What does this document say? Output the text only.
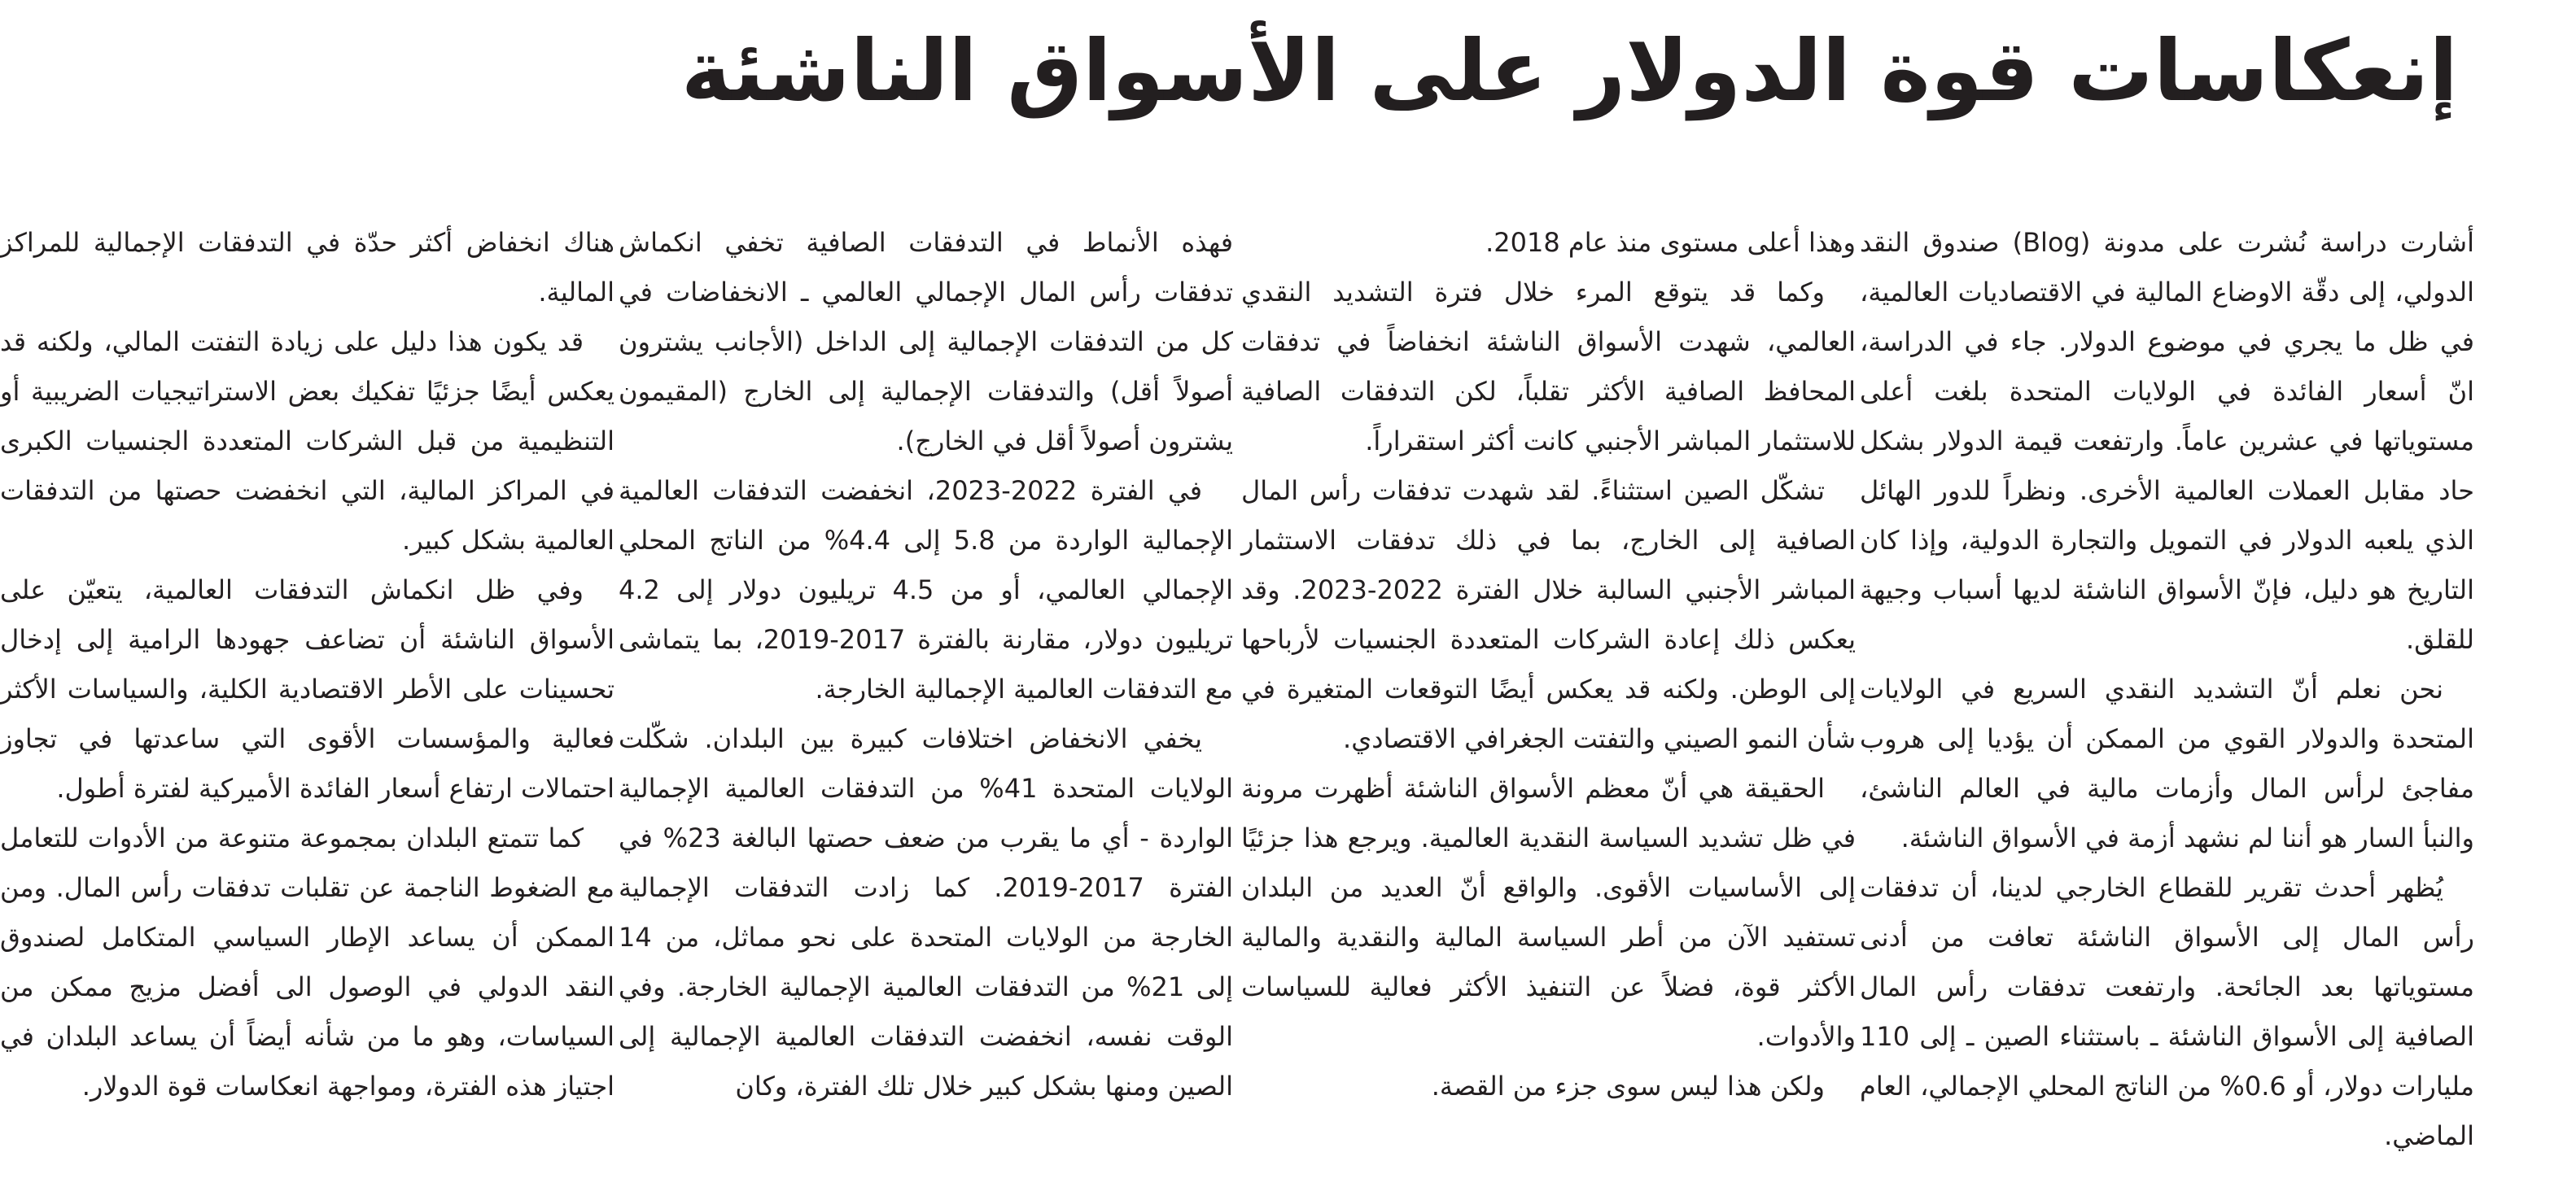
إنعكاسات قوة الدولار على الأسواق الناشئة

أشارت دراسة نُشرت على مدونة (Blog) صندوق النقد الدولي، إلى دقّة الاوضاع المالية في الاقتصاديات العالمية، في ظل ما يجري في موضوع الدولار. جاء في الدراسة، انّ أسعار الفائدة في الولايات المتحدة بلغت أعلى مستوياتها في عشرين عاماً. وارتفعت قيمة الدولار بشكل حاد مقابل العملات العالمية الأخرى. ونظراً للدور الهائل الذي يلعبه الدولار في التمويل والتجارة الدولية، وإذا كان التاريخ هو دليل، فإنّ الأسواق الناشئة لديها أسباب وجيهة للقلق.

نحن نعلم أنّ التشديد النقدي السريع في الولايات المتحدة والدولار القوي من الممكن أن يؤديا إلى هروب مفاجئ لرأس المال وأزمات مالية في العالم الناشئ، والنبأ السار هو أننا لم نشهد أزمة في الأسواق الناشئة.

يُظهر أحدث تقرير للقطاع الخارجي لدينا، أن تدفقات رأس المال إلى الأسواق الناشئة تعافت من أدنى مستوياتها بعد الجائحة. وارتفعت تدفقات رأس المال الصافية إلى الأسواق الناشئة ـ باستثناء الصين ـ إلى 110 مليارات دولار، أو 0.6% من الناتج المحلي الإجمالي، العام الماضي.

وهذا أعلى مستوى منذ عام 2018.

وكما قد يتوقع المرء خلال فترة التشديد النقدي العالمي، شهدت الأسواق الناشئة انخفاضاً في تدفقات المحافظ الصافية الأكثر تقلباً، لكن التدفقات الصافية للاستثمار المباشر الأجنبي كانت أكثر استقراراً.

تشكّل الصين استثناءً. لقد شهدت تدفقات رأس المال الصافية إلى الخارج، بما في ذلك تدفقات الاستثمار المباشر الأجنبي السالبة خلال الفترة 2022-2023. وقد يعكس ذلك إعادة الشركات المتعددة الجنسيات لأرباحها إلى الوطن. ولكنه قد يعكس أيضًا التوقعات المتغيرة في شأن النمو الصيني والتفتت الجغرافي الاقتصادي.

الحقيقة هي أنّ معظم الأسواق الناشئة أظهرت مرونة في ظل تشديد السياسة النقدية العالمية. ويرجع هذا جزئيًا إلى الأساسيات الأقوى. والواقع أنّ العديد من البلدان تستفيد الآن من أطر السياسة المالية والنقدية والمالية الأكثر قوة، فضلاً عن التنفيذ الأكثر فعالية للسياسات والأدوات.

ولكن هذا ليس سوى جزء من القصة.

فهذه الأنماط في التدفقات الصافية تخفي انكماش تدفقات رأس المال الإجمالي العالمي ـ الانخفاضات في كل من التدفقات الإجمالية إلى الداخل (الأجانب يشترون أصولاً أقل) والتدفقات الإجمالية إلى الخارج (المقيمون يشترون أصولاً أقل في الخارج).

في الفترة 2022-2023، انخفضت التدفقات العالمية الإجمالية الواردة من 5.8 إلى 4.4% من الناتج المحلي الإجمالي العالمي، أو من 4.5 تريليون دولار إلى 4.2 تريليون دولار، مقارنة بالفترة 2017-2019، بما يتماشى مع التدفقات العالمية الإجمالية الخارجة.

يخفي الانخفاض اختلافات كبيرة بين البلدان. شكّلت الولايات المتحدة 41% من التدفقات العالمية الإجمالية الواردة - أي ما يقرب من ضعف حصتها البالغة 23% في الفترة 2017-2019. كما زادت التدفقات الإجمالية الخارجة من الولايات المتحدة على نحو مماثل، من 14 إلى 21% من التدفقات العالمية الإجمالية الخارجة. وفي الوقت نفسه، انخفضت التدفقات العالمية الإجمالية إلى الصين ومنها بشكل كبير خلال تلك الفترة، وكان

هناك انخفاض أكثر حدّة في التدفقات الإجمالية للمراكز المالية.

قد يكون هذا دليل على زيادة التفتت المالي، ولكنه قد يعكس أيضًا جزئيًا تفكيك بعض الاستراتيجيات الضريبية أو التنظيمية من قبل الشركات المتعددة الجنسيات الكبرى في المراكز المالية، التي انخفضت حصتها من التدفقات العالمية بشكل كبير.

وفي ظل انكماش التدفقات العالمية، يتعيّن على الأسواق الناشئة أن تضاعف جهودها الرامية إلى إدخال تحسينات على الأطر الاقتصادية الكلية، والسياسات الأكثر فعالية والمؤسسات الأقوى التي ساعدتها في تجاوز احتمالات ارتفاع أسعار الفائدة الأميركية لفترة أطول.

كما تتمتع البلدان بمجموعة متنوعة من الأدوات للتعامل مع الضغوط الناجمة عن تقلبات تدفقات رأس المال. ومن الممكن أن يساعد الإطار السياسي المتكامل لصندوق النقد الدولي في الوصول الى أفضل مزيج ممكن من السياسات، وهو ما من شأنه أيضاً أن يساعد البلدان في اجتياز هذه الفترة، ومواجهة انعكاسات قوة الدولار.
